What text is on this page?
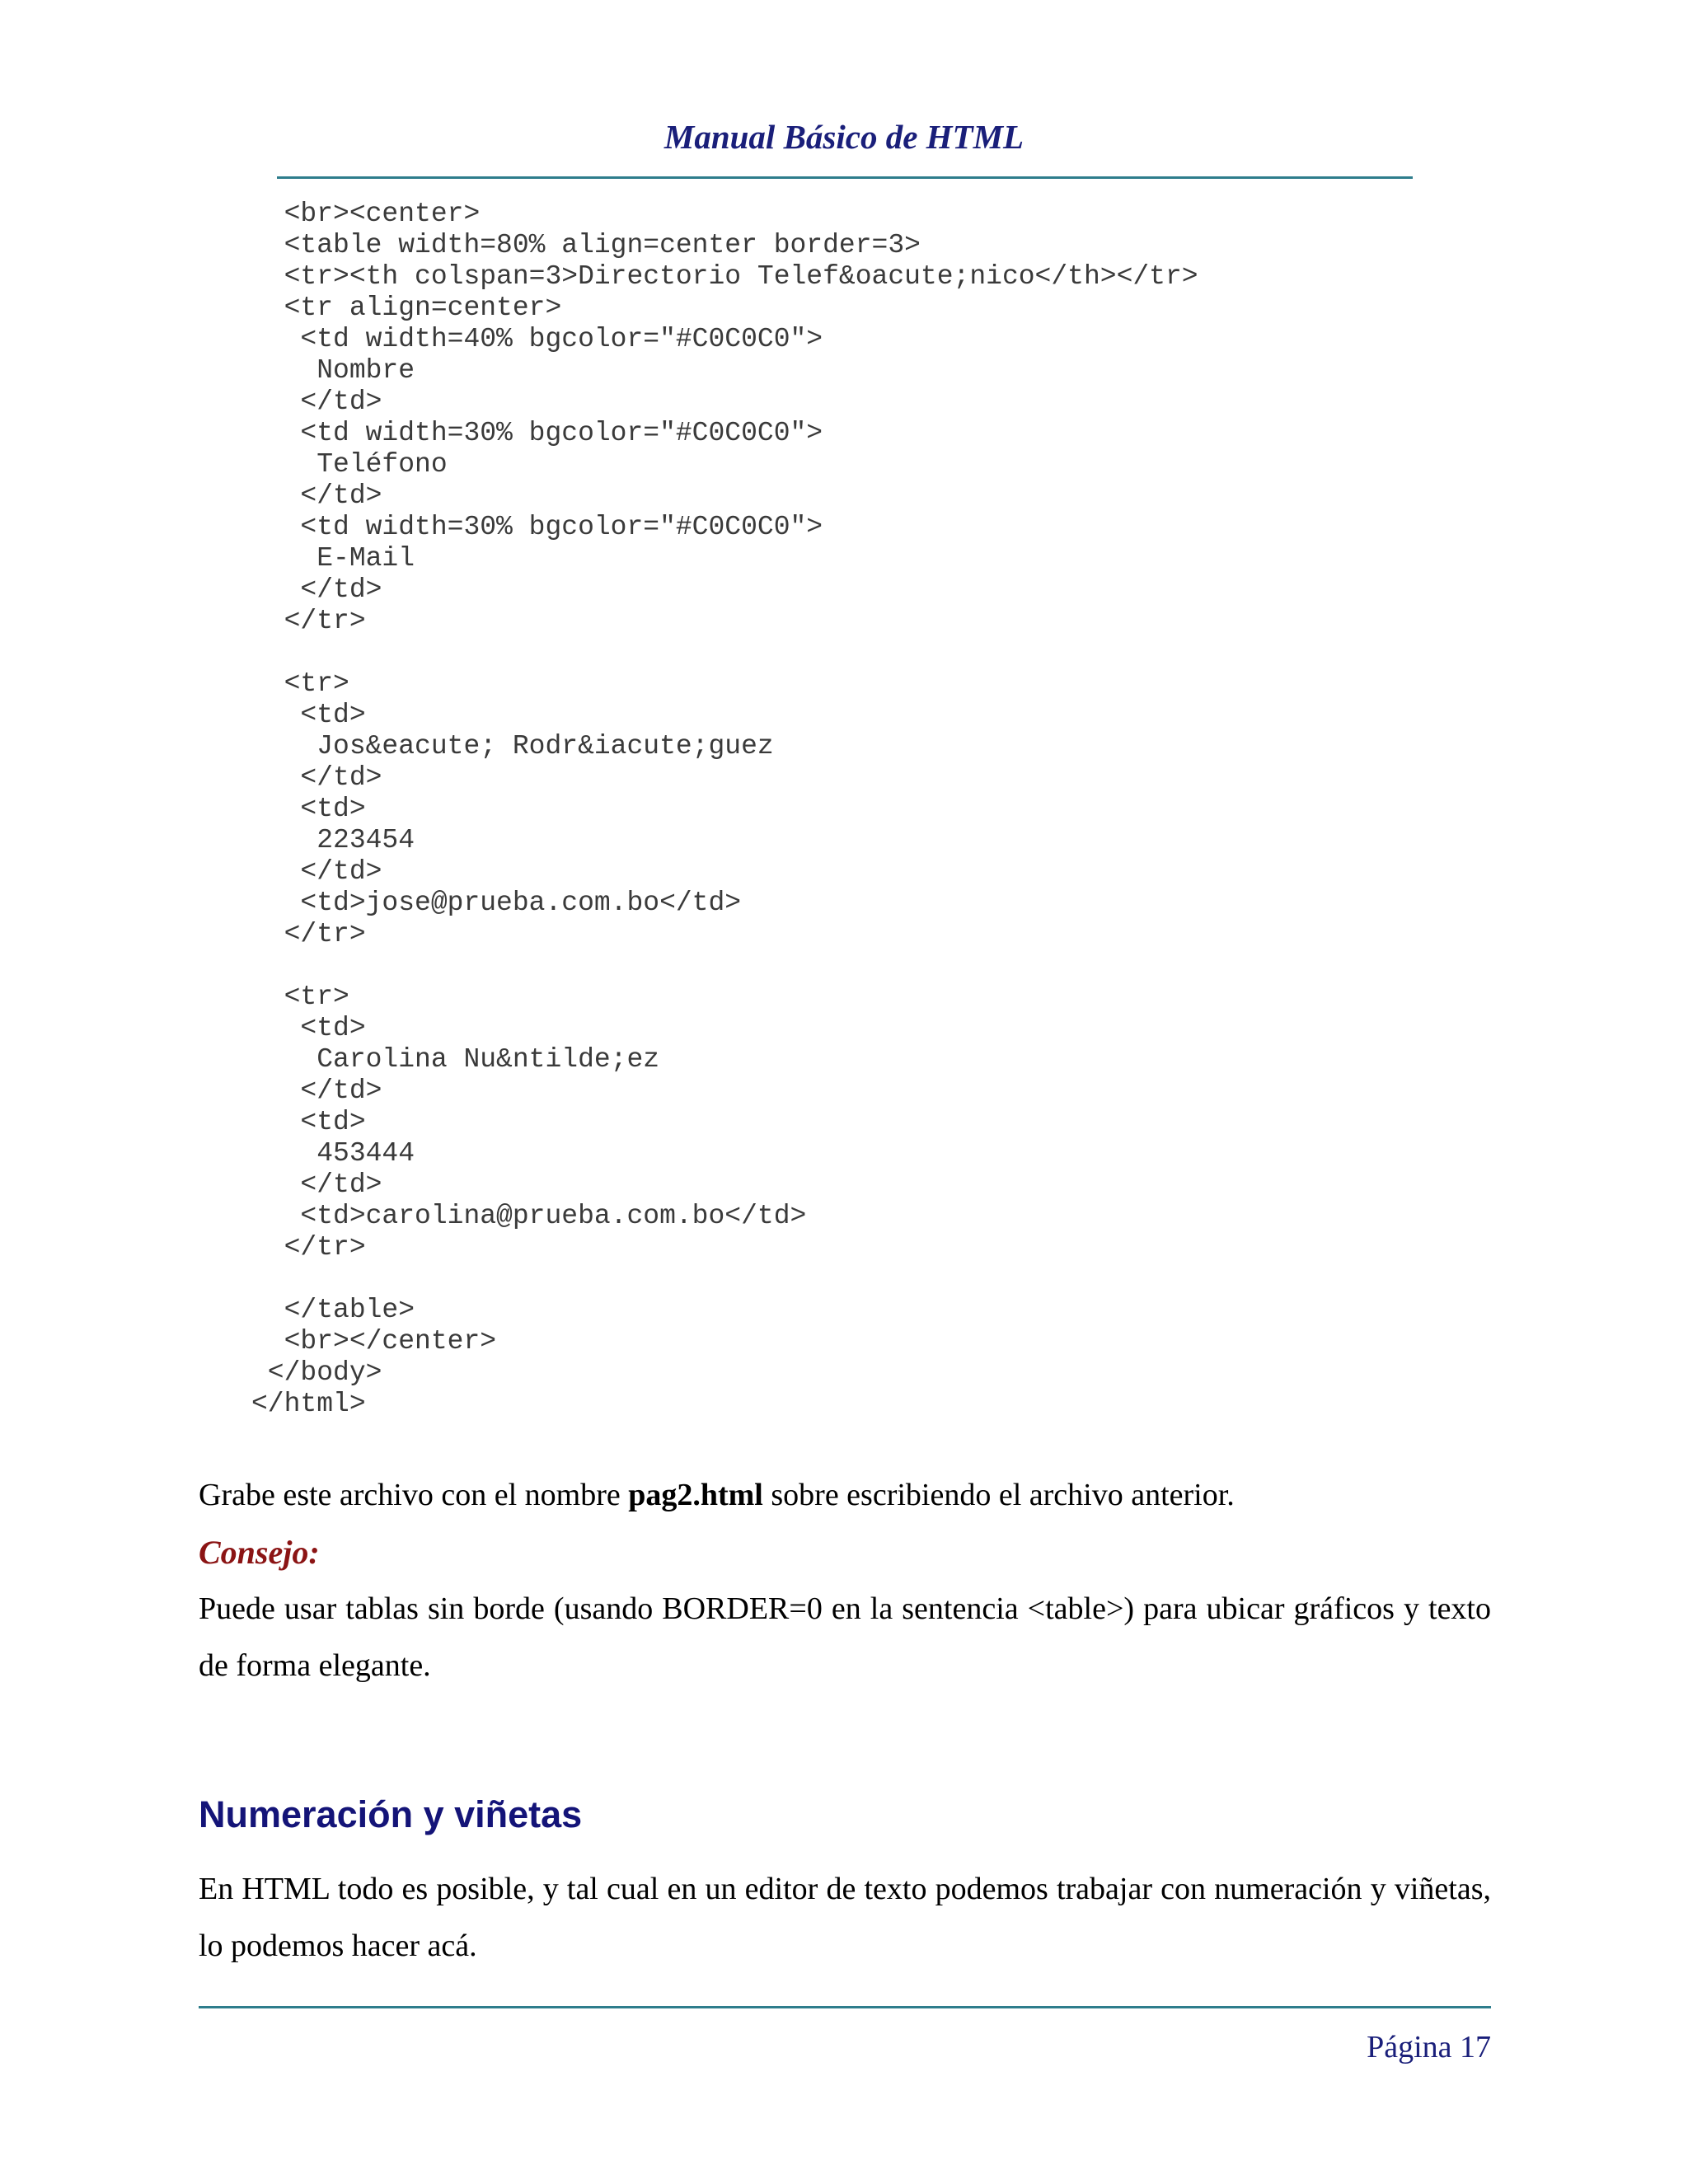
Manual Básico de HTML
<br><center>
<table width=80% align=center border=3>
<tr><th colspan=3>Directorio Telef&oacute;nico</th></tr>
<tr align=center>
<td width=40% bgcolor="#C0C0C0">
Nombre
</td>
<td width=30% bgcolor="#C0C0C0">
Teléfono
</td>
<td width=30% bgcolor="#C0C0C0">
E-Mail
</td>
</tr>
<tr>
<td>
Jos&eacute; Rodr&iacute;guez
</td>
<td>
223454
</td>
<td>jose@prueba.com.bo</td>
</tr>
<tr>
<td>
Carolina Nu&ntilde;ez
</td>
<td>
453444
</td>
<td>carolina@prueba.com.bo</td>
</tr>
</table>
<br></center>
</body>
</html>

Grabe este archivo con el nombre pag2.html sobre escribiendo el archivo anterior.

Consejo:

Puede usar tablas sin borde (usando BORDER=0 en la sentencia <table>) para ubicar gráficos y texto de forma elegante.

Numeración y viñetas

En HTML todo es posible, y tal cual en un editor de texto podemos trabajar con numeración y viñetas, lo podemos hacer acá.

Página 17
